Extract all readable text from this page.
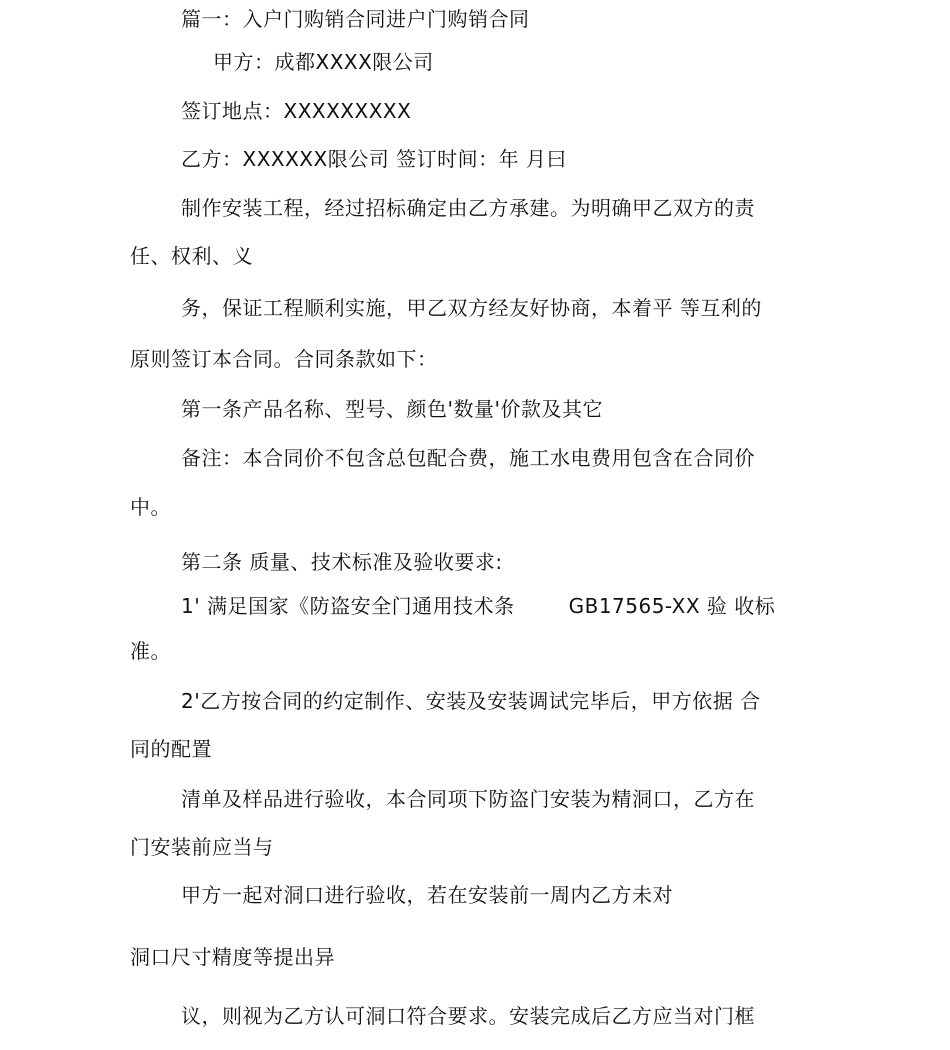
篇一：入户门购销合同进户门购销合同
甲方：成都XXXX限公司
签订地点：XXXXXXXXX
乙方：XXXXXX限公司 签订时间：年 月曰
制作安装工程，经过招标确定由乙方承建。为明确甲乙双方的责
任、权利、义
务，保证工程顺利实施，甲乙双方经友好协商，本着平 等互利的
原则签订本合同。合同条款如下：
第一条产品名称、型号、颜色'数量'价款及其它
备注：本合同价不包含总包配合费，施工水电费用包含在合同价
中。
第二条 质量、技术标准及验收要求:
1' 满足国家《防盗安全门通用技术条	GB17565-XX 验 收标
准。
2'乙方按合同的约定制作、安装及安装调试完毕后，甲方依据 合
同的配置
清单及样品进行验收，本合同项下防盗门安装为精洞口，乙方在
门安装前应当与
甲方一起对洞口进行验收，若在安装前一周内乙方未对
洞口尺寸精度等提出异
议，则视为乙方认可洞口符合要求。安装完成后乙方应当对门框
